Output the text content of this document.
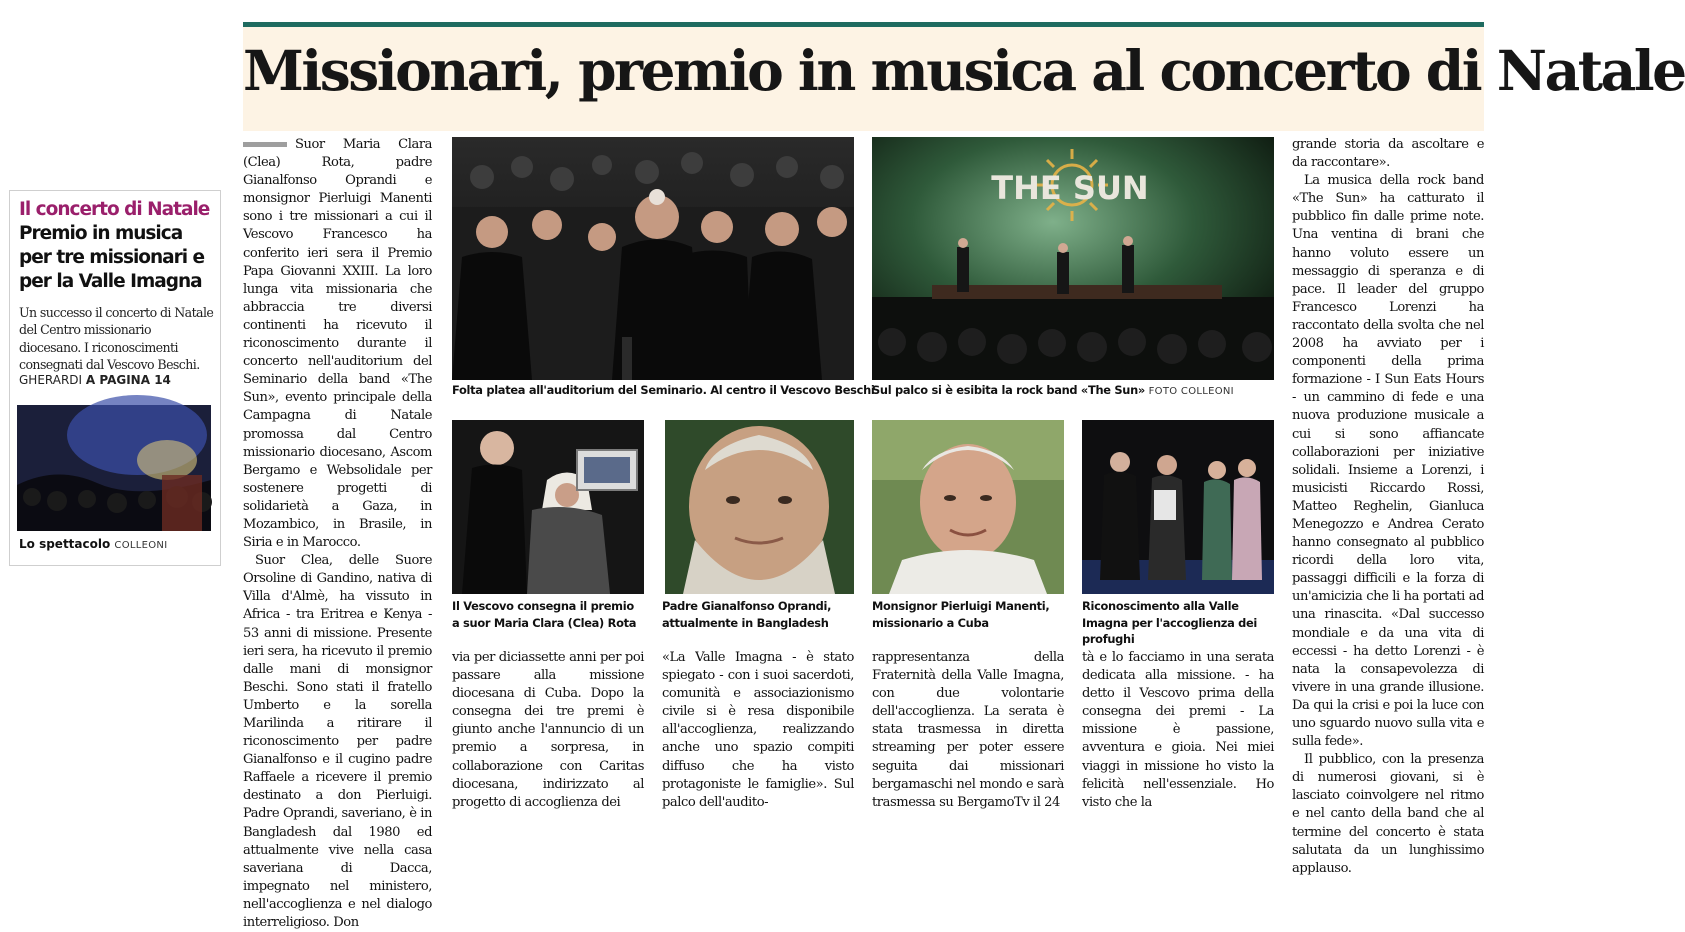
Missionari, premio in musica al concerto di Natale
Il concerto di Natale
Premio in musica per tre missionari e per la Valle Imagna
Un successo il concerto di Natale del Centro missionario diocesano. I riconoscimenti consegnati dal Vescovo Beschi.
GHERARDI A PAGINA 14
Lo spettacolo COLLEONI

Suor Maria Clara (Clea) Rota, padre Gianalfonso Oprandi e monsignor Pierluigi Manenti sono i tre missionari a cui il Vescovo Francesco ha conferito ieri sera il Premio Papa Giovanni XXIII. La loro lunga vita missionaria che abbraccia tre diversi continenti ha ricevuto il riconoscimento durante il concerto nell'auditorium del Seminario della band «The Sun», evento principale della Campagna di Natale promossa dal Centro missionario diocesano, Ascom Bergamo e Websolidale per sostenere progetti di solidarietà a Gaza, in Mozambico, in Brasile, in Siria e in Marocco.

Suor Clea, delle Suore Orsoline di Gandino, nativa di Villa d'Almè, ha vissuto in Africa - tra Eritrea e Kenya - 53 anni di missione. Presente ieri sera, ha ricevuto il premio dalle mani di monsignor Beschi. Sono stati il fratello Umberto e la sorella Marilinda a ritirare il riconoscimento per padre Gianalfonso e il cugino padre Raffaele a ricevere il premio destinato a don Pierluigi. Padre Oprandi, saveriano, è in Bangladesh dal 1980 ed attualmente vive nella casa saveriana di Dacca, impegnato nel ministero, nell'accoglienza e nel dialogo interreligioso. Don

Folta platea all'auditorium del Seminario. Al centro il Vescovo Beschi
THE SUN
Sul palco si è esibita la rock band «The Sun» FOTO COLLEONI
Il Vescovo consegna il premio a suor Maria Clara (Clea) Rota
Padre Gianalfonso Oprandi, attualmente in Bangladesh
Monsignor Pierluigi Manenti, missionario a Cuba
Riconoscimento alla Valle Imagna per l'accoglienza dei profughi

via per diciassette anni per poi passare alla missione diocesana di Cuba. Dopo la consegna dei tre premi è giunto anche l'annuncio di un premio a sorpresa, in collaborazione con Caritas diocesana, indirizzato al progetto di accoglienza dei

«La Valle Imagna - è stato spiegato - con i suoi sacerdoti, comunità e associazionismo civile si è resa disponibile all'accoglienza, realizzando anche uno spazio compiti diffuso che ha visto protagoniste le famiglie». Sul palco dell'audito-

rappresentanza della Fraternità della Valle Imagna, con due volontarie dell'accoglienza. La serata è stata trasmessa in diretta streaming per poter essere seguita dai missionari bergamaschi nel mondo e sarà trasmessa su BergamoTv il 24

tà e lo facciamo in una serata dedicata alla missione. - ha detto il Vescovo prima della consegna dei premi - La missione è passione, avventura e gioia. Nei miei viaggi in missione ho visto la felicità nell'essenziale. Ho visto che la

grande storia da ascoltare e da raccontare».

La musica della rock band «The Sun» ha catturato il pubblico fin dalle prime note. Una ventina di brani che hanno voluto essere un messaggio di speranza e di pace. Il leader del gruppo Francesco Lorenzi ha raccontato della svolta che nel 2008 ha avviato per i componenti della prima formazione - I Sun Eats Hours - un cammino di fede e una nuova produzione musicale a cui si sono affiancate collaborazioni per iniziative solidali. Insieme a Lorenzi, i musicisti Riccardo Rossi, Matteo Reghelin, Gianluca Menegozzo e Andrea Cerato hanno consegnato al pubblico ricordi della loro vita, passaggi difficili e la forza di un'amicizia che li ha portati ad una rinascita. «Dal successo mondiale e da una vita di eccessi - ha detto Lorenzi - è nata la consapevolezza di vivere in una grande illusione. Da qui la crisi e poi la luce con uno sguardo nuovo sulla vita e sulla fede».

Il pubblico, con la presenza di numerosi giovani, si è lasciato coinvolgere nel ritmo e nel canto della band che al termine del concerto è stata salutata da un lunghissimo applauso.
